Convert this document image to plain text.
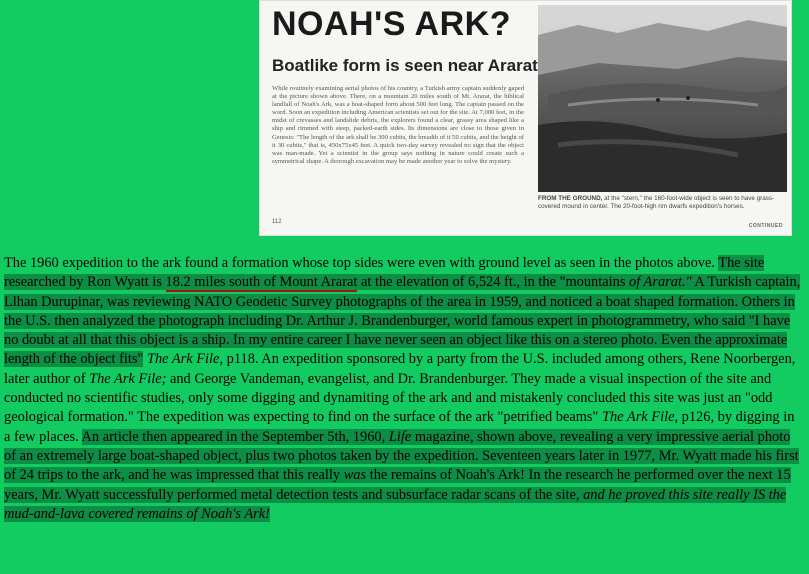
NOAH'S ARK?
Boatlike form is seen near Ararat
While routinely examining aerial photos of his country, a Turkish army captain suddenly gaped at the picture shown above. There, on a mountain 20 miles south of Mt. Ararat, the biblical landfall of Noah's Ark, was a boat-shaped form about 500 feet long. The captain passed on the word. Soon an expedition including American scientists set out for the site. At 7,000 feet, in the midst of crevasses and landslide debris, the explorers found a clear, grassy area shaped like a ship and rimmed with steep, packed-earth sides. Its dimensions are close to those given in Genesis: "The length of the ark shall be 300 cubits, the breadth of it 50 cubits, and the height of it 30 cubits," that is, 450x75x45 feet. A quick two-day survey revealed no sign that the object was man-made. Yet a scientist in the group says nothing in nature could create such a symmetrical shape. A thorough excavation may be made another year to solve the mystery.
112
FROM THE GROUND, at the "stern," the 160-foot-wide object is seen to have grass-covered mound in center. The 20-foot-high rim dwarfs expedition's horses.
CONTINUED

The 1960 expedition to the ark found a formation whose top sides were even with ground level as seen in the photos above. The site researched by Ron Wyatt is 18.2 miles south of Mount Ararat at the elevation of 6,524 ft., in the "mountains of Ararat." A Turkish captain, Llhan Durupinar, was reviewing NATO Geodetic Survey photographs of the area in 1959, and noticed a boat shaped formation. Others in the U.S. then analyzed the photograph including Dr. Arthur J. Brandenburger, world famous expert in photogrammetry, who said "I have no doubt at all that this object is a ship. In my entire career I have never seen an object like this on a stereo photo. Even the approximate length of the object fits" The Ark File, p118. An expedition sponsored by a party from the U.S. included among others, Rene Noorbergen, later author of The Ark File; and George Vandeman, evangelist, and Dr. Brandenburger. They made a visual inspection of the site and conducted no scientific studies, only some digging and dynamiting of the ark and and mistakenly concluded this site was just an "odd geological formation." The expedition was expecting to find on the surface of the ark "petrified beams" The Ark File, p126, by digging in a few places. An article then appeared in the September 5th, 1960, Life magazine, shown above, revealing a very impressive aerial photo of an extremely large boat-shaped object, plus two photos taken by the expedition. Seventeen years later in 1977, Mr. Wyatt made his first of 24 trips to the ark, and he was impressed that this really was the remains of Noah's Ark! In the research he performed over the next 15 years, Mr. Wyatt successfully performed metal detection tests and subsurface radar scans of the site, and he proved this site really IS the mud-and-lava covered remains of Noah's Ark!
